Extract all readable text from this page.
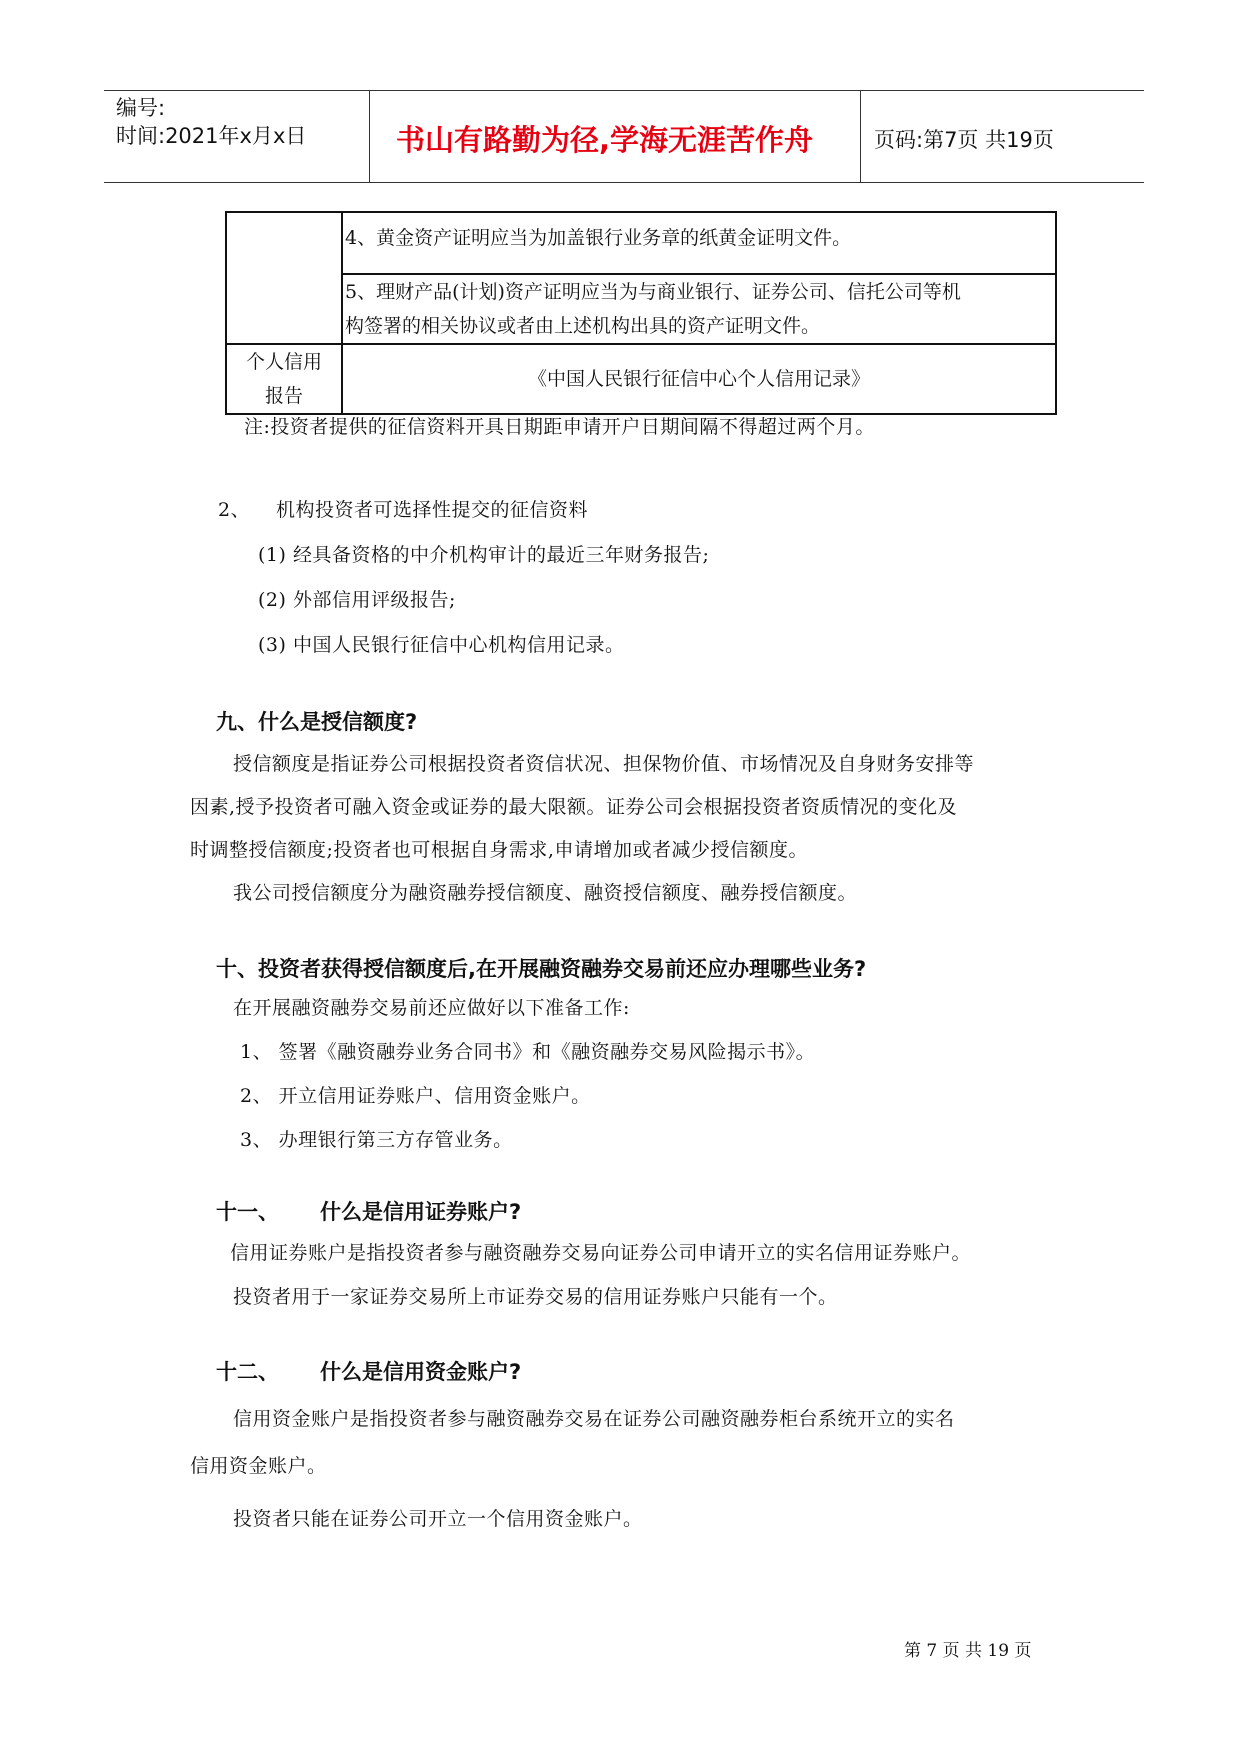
编号:
时间:2021年x月x日	书山有路勤为径,学海无涯苦作舟	页码:第7页 共19页
	4、黄金资产证明应当为加盖银行业务章的纸黄金证明文件。

	5、理财产品(计划)资产证明应当为与商业银行、证券公司、信托公司等机
构签署的相关协议或者由上述机构出具的资产证明文件。

个人信用
报告	《中国人民银行征信中心个人信用记录》
注:投资者提供的征信资料开具日期距申请开户日期间隔不得超过两个月。
2、 机构投资者可选择性提交的征信资料
(1) 经具备资格的中介机构审计的最近三年财务报告;
(2) 外部信用评级报告;
(3) 中国人民银行征信中心机构信用记录。
九、什么是授信额度?
授信额度是指证券公司根据投资者资信状况、担保物价值、市场情况及自身财务安排等
因素,授予投资者可融入资金或证券的最大限额。证券公司会根据投资者资质情况的变化及
时调整授信额度;投资者也可根据自身需求,申请增加或者减少授信额度。
我公司授信额度分为融资融券授信额度、融资授信额度、融券授信额度。
十、投资者获得授信额度后,在开展融资融券交易前还应办理哪些业务?
在开展融资融券交易前还应做好以下准备工作:
1、 签署《融资融券业务合同书》和《融资融券交易风险揭示书》。
2、 开立信用证券账户、信用资金账户。
3、 办理银行第三方存管业务。
十一、 什么是信用证券账户?
信用证券账户是指投资者参与融资融券交易向证券公司申请开立的实名信用证券账户。
投资者用于一家证券交易所上市证券交易的信用证券账户只能有一个。
十二、 什么是信用资金账户?
信用资金账户是指投资者参与融资融券交易在证券公司融资融券柜台系统开立的实名
信用资金账户。
投资者只能在证券公司开立一个信用资金账户。
第 7 页 共 19 页
